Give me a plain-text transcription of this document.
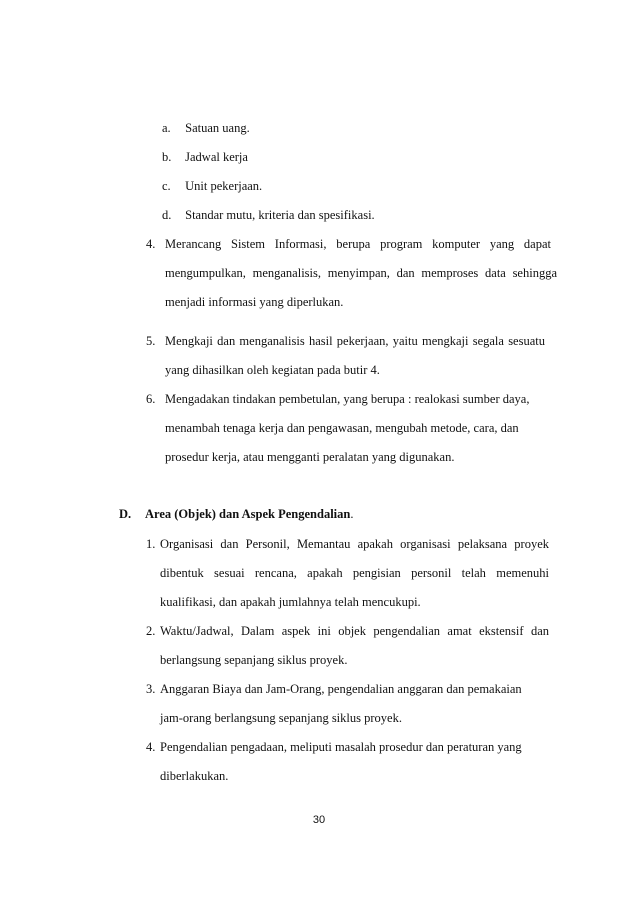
a. Satuan uang.
b. Jadwal kerja
c. Unit pekerjaan.
d. Standar mutu, kriteria dan spesifikasi.
4. Merancang Sistem Informasi, berupa program komputer yang dapat
mengumpulkan, menganalisis, menyimpan, dan memproses data sehingga
menjadi informasi yang diperlukan.
5. Mengkaji dan menganalisis hasil pekerjaan, yaitu mengkaji segala sesuatu
yang dihasilkan oleh kegiatan pada butir 4.
6. Mengadakan tindakan pembetulan, yang berupa : realokasi sumber daya,
menambah tenaga kerja dan pengawasan, mengubah metode, cara, dan
prosedur kerja, atau mengganti peralatan yang digunakan.
D. Area (Objek) dan Aspek Pengendalian.
1. Organisasi dan Personil, Memantau apakah organisasi pelaksana proyek
dibentuk sesuai rencana, apakah pengisian personil telah memenuhi
kualifikasi, dan apakah jumlahnya telah mencukupi.
2. Waktu/Jadwal, Dalam aspek ini objek pengendalian amat ekstensif dan
berlangsung sepanjang siklus proyek.
3. Anggaran Biaya dan Jam-Orang, pengendalian anggaran dan pemakaian
jam-orang berlangsung sepanjang siklus proyek.
4. Pengendalian pengadaan, meliputi masalah prosedur dan peraturan yang
diberlakukan.
30
